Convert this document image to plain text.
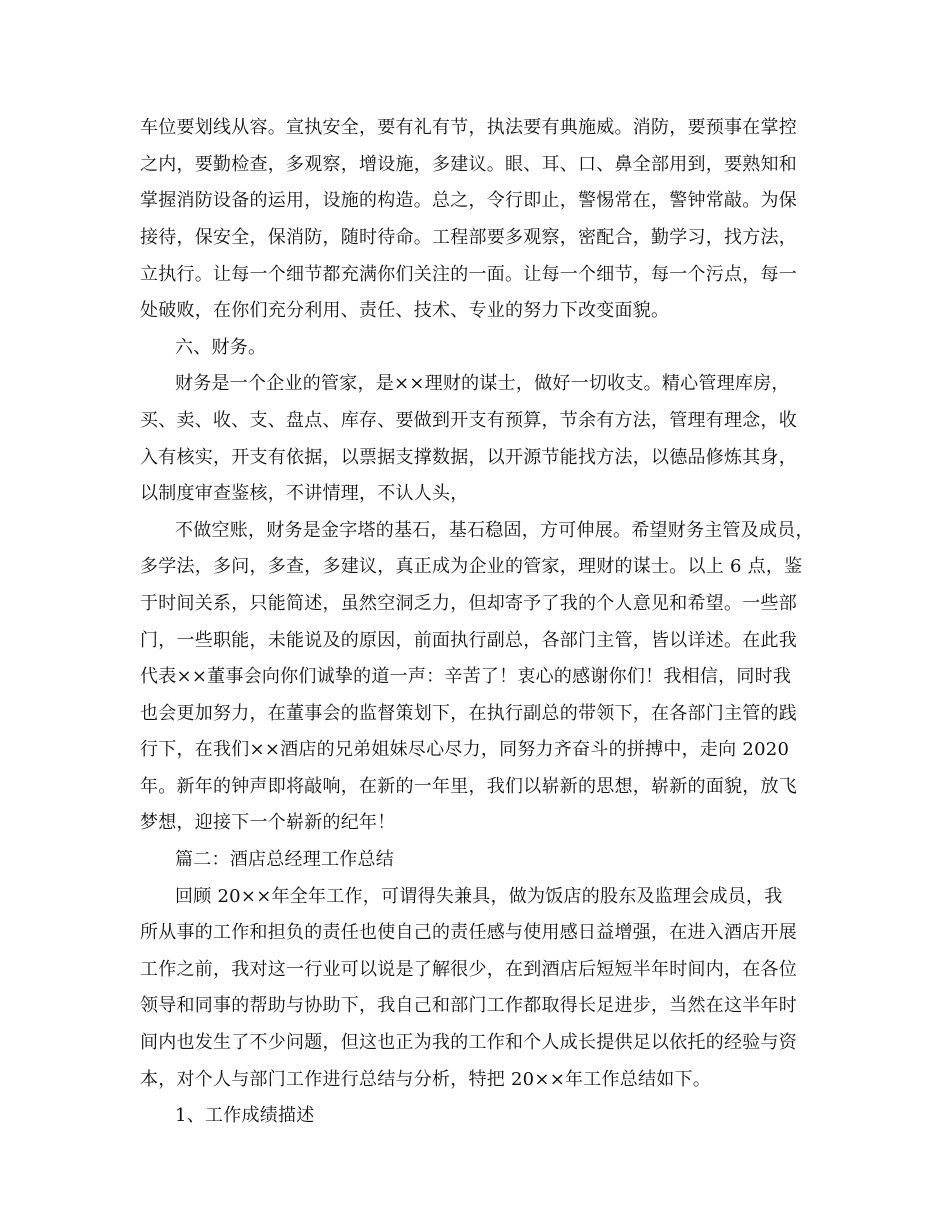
车位要划线从容。宣执安全，要有礼有节，执法要有典施威。消防，要预事在掌控
之内，要勤检查，多观察，增设施，多建议。眼、耳、口、鼻全部用到，要熟知和
掌握消防设备的运用，设施的构造。总之，令行即止，警惕常在，警钟常敲。为保
接待，保安全，保消防，随时待命。工程部要多观察，密配合，勤学习，找方法，
立执行。让每一个细节都充满你们关注的一面。让每一个细节，每一个污点，每一
处破败，在你们充分利用、责任、技术、专业的努力下改变面貌。
六、财务。
财务是一个企业的管家，是××理财的谋士，做好一切收支。精心管理库房，
买、卖、收、支、盘点、库存、要做到开支有预算，节余有方法，管理有理念，收
入有核实，开支有依据，以票据支撑数据，以开源节能找方法，以德品修炼其身，
以制度审查鉴核，不讲情理，不认人头，
不做空账，财务是金字塔的基石，基石稳固，方可伸展。希望财务主管及成员，
多学法，多问，多查，多建议，真正成为企业的管家，理财的谋士。以上 6 点，鉴
于时间关系，只能简述，虽然空洞乏力，但却寄予了我的个人意见和希望。一些部
门，一些职能，未能说及的原因，前面执行副总，各部门主管，皆以详述。在此我
代表××董事会向你们诚挚的道一声：辛苦了！衷心的感谢你们！我相信，同时我
也会更加努力，在董事会的监督策划下，在执行副总的带领下，在各部门主管的践
行下，在我们××酒店的兄弟姐妹尽心尽力，同努力齐奋斗的拼搏中，走向 2020
年。新年的钟声即将敲响，在新的一年里，我们以崭新的思想，崭新的面貌，放飞
梦想，迎接下一个崭新的纪年！
篇二：酒店总经理工作总结
回顾 20××年全年工作，可谓得失兼具，做为饭店的股东及监理会成员，我
所从事的工作和担负的责任也使自己的责任感与使用感日益增强，在进入酒店开展
工作之前，我对这一行业可以说是了解很少，在到酒店后短短半年时间内，在各位
领导和同事的帮助与协助下，我自己和部门工作都取得长足进步，当然在这半年时
间内也发生了不少问题，但这也正为我的工作和个人成长提供足以依托的经验与资
本，对个人与部门工作进行总结与分析，特把 20××年工作总结如下。
1、工作成绩描述
